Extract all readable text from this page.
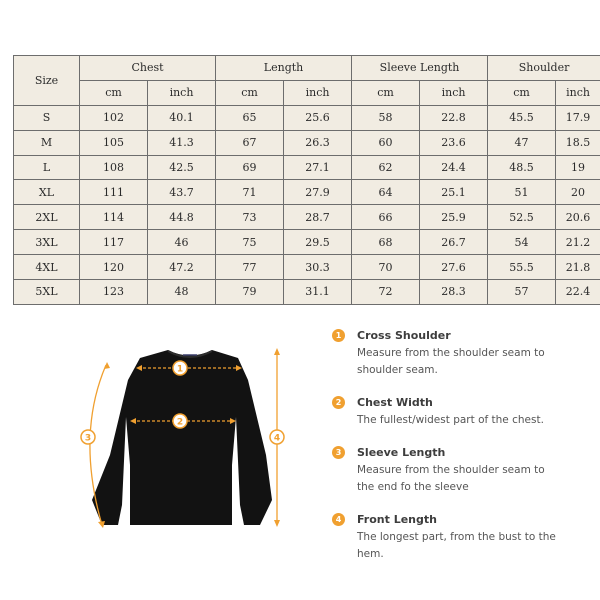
Size	Chest		Length		Sleeve Length		Shoulder	
	cm	inch	cm	inch	cm	inch	cm	inch
S	102	40.1	65	25.6	58	22.8	45.5	17.9
M	105	41.3	67	26.3	60	23.6	47	18.5
L	108	42.5	69	27.1	62	24.4	48.5	19
XL	111	43.7	71	27.9	64	25.1	51	20
2XL	114	44.8	73	28.7	66	25.9	52.5	20.6
3XL	117	46	75	29.5	68	26.7	54	21.2
4XL	120	47.2	77	30.3	70	27.6	55.5	21.8
5XL	123	48	79	31.1	72	28.3	57	22.4
1
2
3	4
1	Cross Shoulder
Measure from the shoulder seam to shoulder seam.
2	Chest Width
The fullest/widest part of the chest.
3	Sleeve Length
Measure from the shoulder seam to the end fo the sleeve
4	Front Length
The longest part, from the bust to the hem.
